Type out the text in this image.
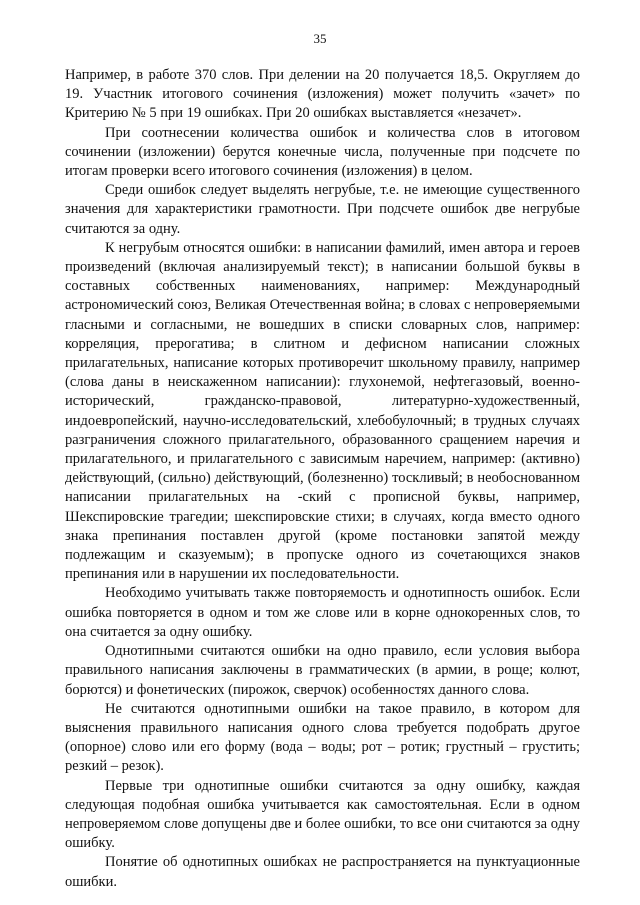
35

Например, в работе 370 слов. При делении на 20 получается 18,5. Округляем до 19. Участник итогового сочинения (изложения) может получить «зачет» по Критерию № 5 при 19 ошибках. При 20 ошибках выставляется «незачет».

При соотнесении количества ошибок и количества слов в итоговом сочинении (изложении) берутся конечные числа, полученные при подсчете по итогам проверки всего итогового сочинения (изложения) в целом.

Среди ошибок следует выделять негрубые, т.е. не имеющие существенного значения для характеристики грамотности. При подсчете ошибок две негрубые считаются за одну.

К негрубым относятся ошибки: в написании фамилий, имен автора и героев произведений (включая анализируемый текст); в написании большой буквы в составных собственных наименованиях, например: Международный астрономический союз, Великая Отечественная война; в словах с непроверяемыми гласными и согласными, не вошедших в списки словарных слов, например: корреляция, прерогатива; в слитном и дефисном написании сложных прилагательных, написание которых противоречит школьному правилу, например (слова даны в неискаженном написании): глухонемой, нефтегазовый, военно-исторический, гражданско-правовой, литературно-художественный, индоевропейский, научно-исследовательский, хлебобулочный; в трудных случаях разграничения сложного прилагательного, образованного сращением наречия и прилагательного, и прилагательного с зависимым наречием, например: (активно) действующий, (сильно) действующий, (болезненно) тоскливый; в необоснованном написании прилагательных на -ский с прописной буквы, например, Шекспировские трагедии; шекспировские стихи; в случаях, когда вместо одного знака препинания поставлен другой (кроме постановки запятой между подлежащим и сказуемым); в пропуске одного из сочетающихся знаков препинания или в нарушении их последовательности.

Необходимо учитывать также повторяемость и однотипность ошибок. Если ошибка повторяется в одном и том же слове или в корне однокоренных слов, то она считается за одну ошибку.

Однотипными считаются ошибки на одно правило, если условия выбора правильного написания заключены в грамматических (в армии, в роще; колют, борются) и фонетических (пирожок, сверчок) особенностях данного слова.

Не считаются однотипными ошибки на такое правило, в котором для выяснения правильного написания одного слова требуется подобрать другое (опорное) слово или его форму (вода – воды; рот – ротик; грустный – грустить; резкий – резок).

Первые три однотипные ошибки считаются за одну ошибку, каждая следующая подобная ошибка учитывается как самостоятельная. Если в одном непроверяемом слове допущены две и более ошибки, то все они считаются за одну ошибку.

Понятие об однотипных ошибках не распространяется на пунктуационные ошибки.
